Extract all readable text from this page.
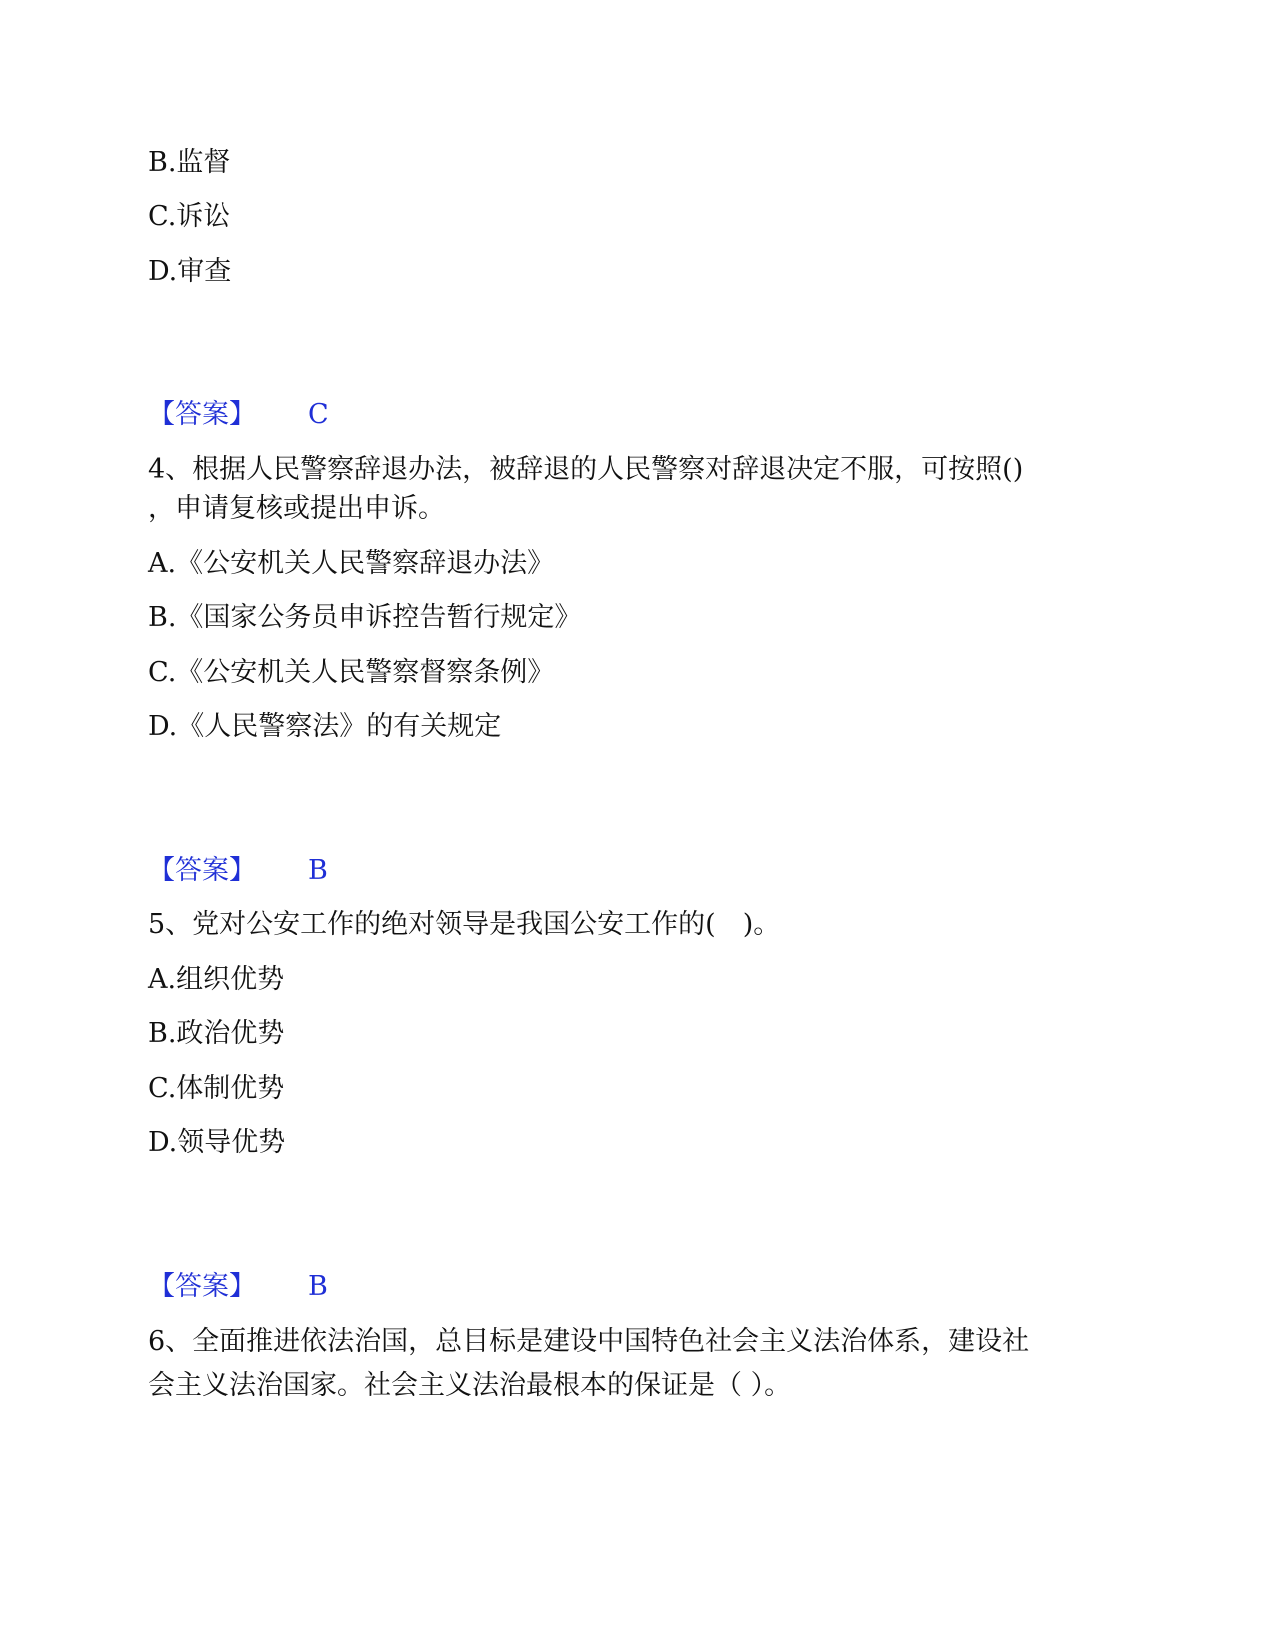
B.监督

C.诉讼

D.审查

【答案】 C

4、根据人民警察辞退办法，被辞退的人民警察对辞退决定不服，可按照()

，申请复核或提出申诉。

A.《公安机关人民警察辞退办法》

B.《国家公务员申诉控告暂行规定》

C.《公安机关人民警察督察条例》

D.《人民警察法》的有关规定

【答案】 B

5、党对公安工作的绝对领导是我国公安工作的(　)。

A.组织优势

B.政治优势

C.体制优势

D.领导优势

【答案】 B

6、全面推进依法治国，总目标是建设中国特色社会主义法治体系，建设社

会主义法治国家。社会主义法治最根本的保证是（ ）。
